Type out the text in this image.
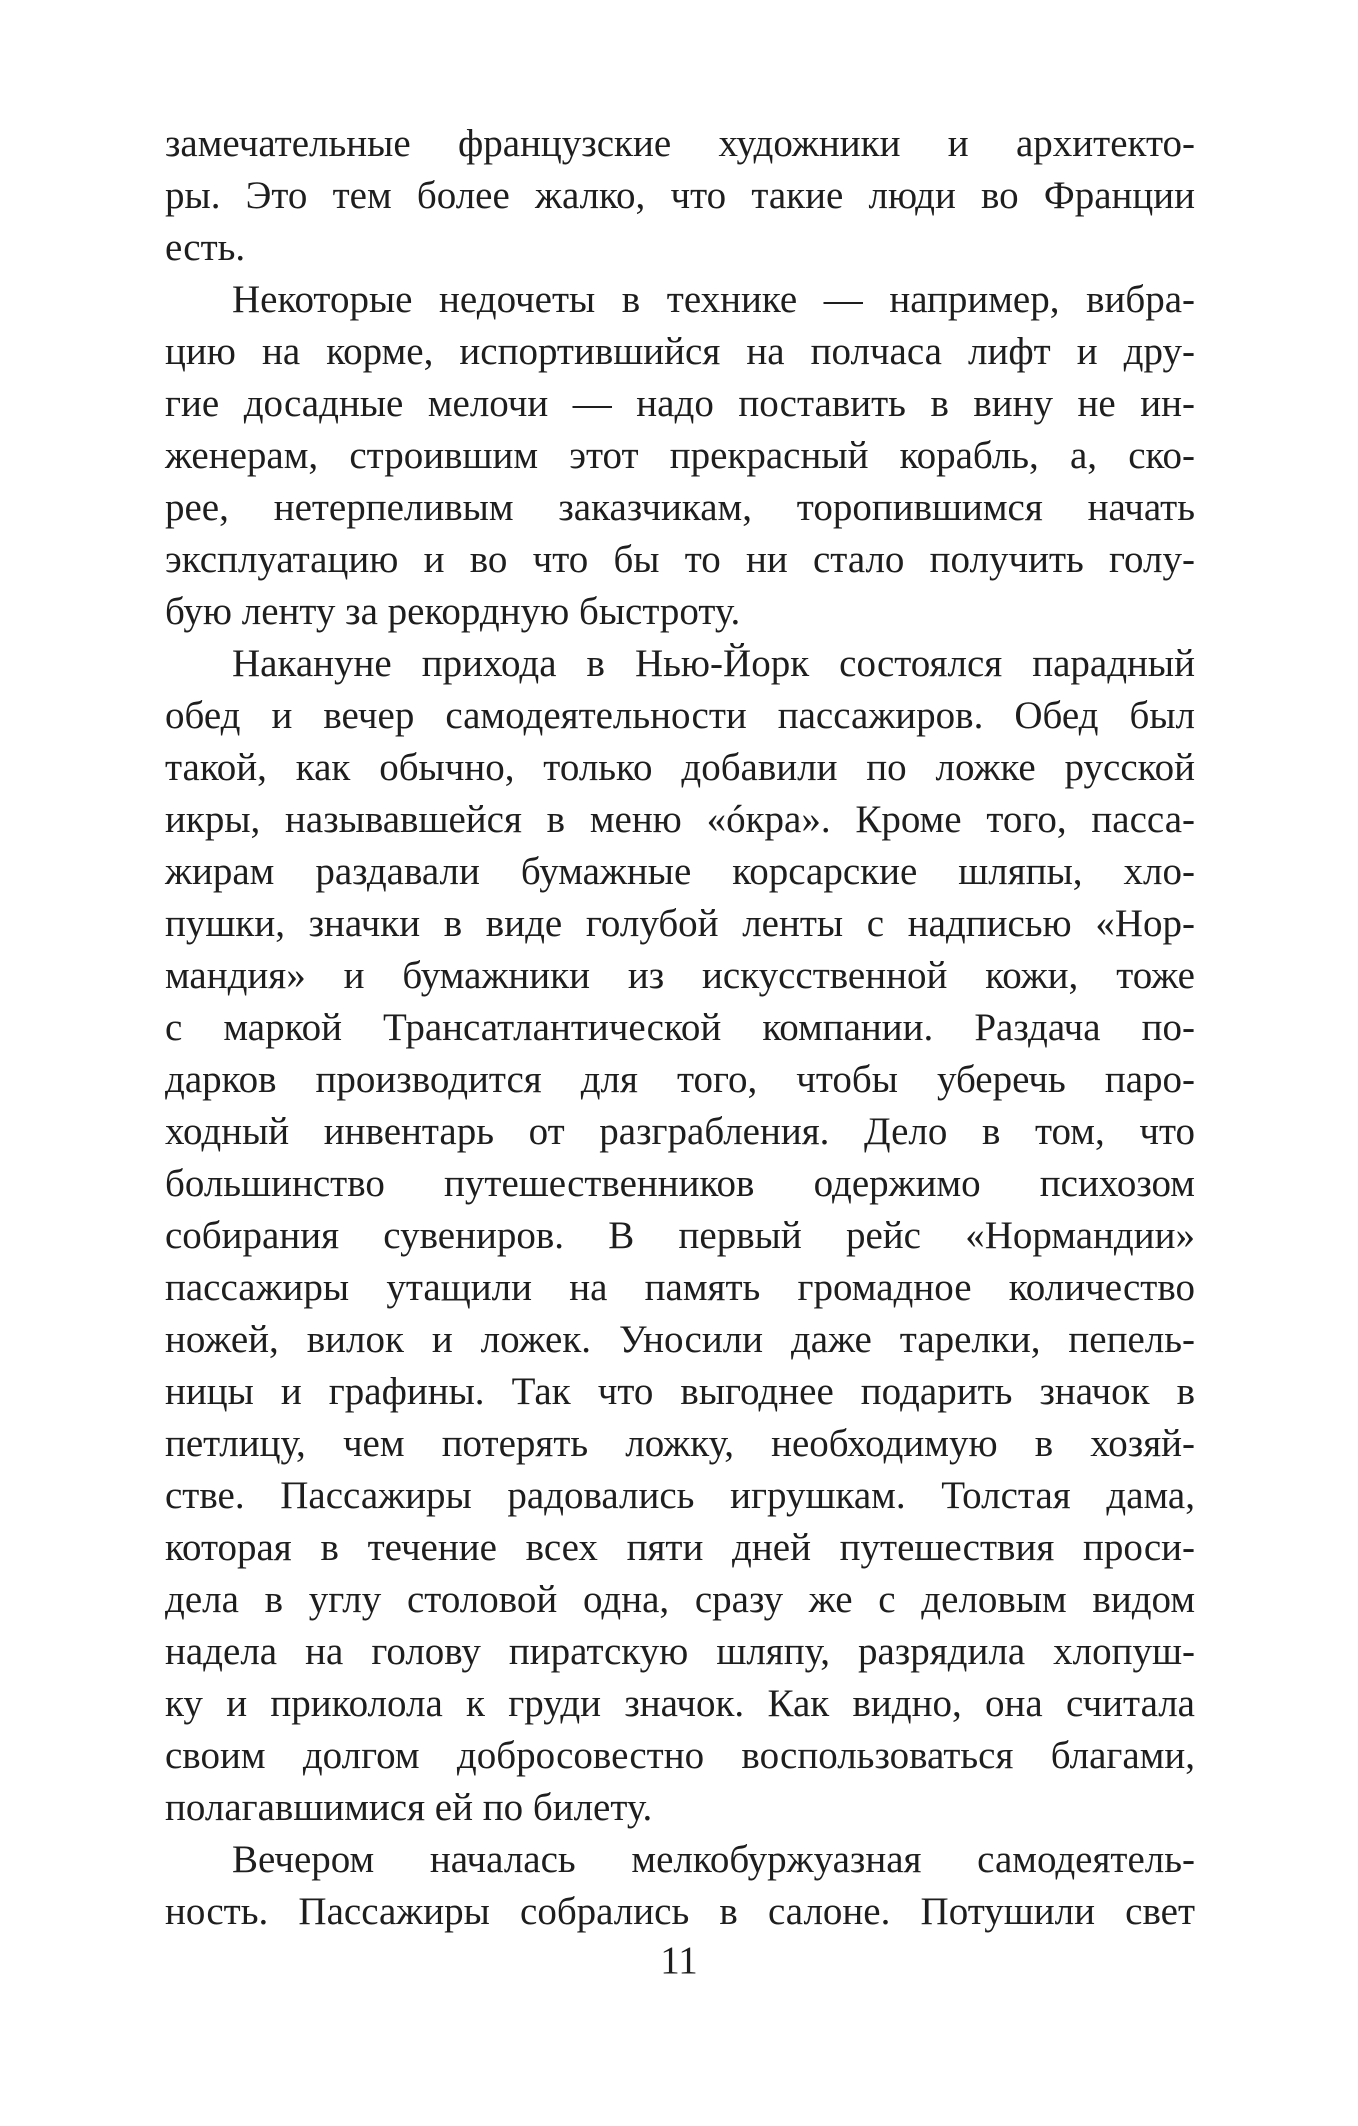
замечательные французские художники и архитекто-
ры. Это тем более жалко, что такие люди во Франции
есть.
Некоторые недочеты в технике — например, вибра-
цию на корме, испортившийся на полчаса лифт и дру-
гие досадные мелочи — надо поставить в вину не ин-
женерам, строившим этот прекрасный корабль, а, ско-
рее, нетерпеливым заказчикам, торопившимся начать
эксплуатацию и во что бы то ни стало получить голу-
бую ленту за рекордную быстроту.
Накануне прихода в Нью-Йорк состоялся парадный
обед и вечер самодеятельности пассажиров. Обед был
такой, как обычно, только добавили по ложке русской
икры, называвшейся в меню «óкра». Кроме того, пасса-
жирам раздавали бумажные корсарские шляпы, хло-
пушки, значки в виде голубой ленты с надписью «Нор-
мандия» и бумажники из искусственной кожи, тоже
с маркой Трансатлантической компании. Раздача по-
дарков производится для того, чтобы уберечь паро-
ходный инвентарь от разграбления. Дело в том, что
большинство путешественников одержимо психозом
собирания сувениров. В первый рейс «Нормандии»
пассажиры утащили на память громадное количество
ножей, вилок и ложек. Уносили даже тарелки, пепель-
ницы и графины. Так что выгоднее подарить значок в
петлицу, чем потерять ложку, необходимую в хозяй-
стве. Пассажиры радовались игрушкам. Толстая дама,
которая в течение всех пяти дней путешествия проси-
дела в углу столовой одна, сразу же с деловым видом
надела на голову пиратскую шляпу, разрядила хлопуш-
ку и приколола к груди значок. Как видно, она считала
своим долгом добросовестно воспользоваться благами,
полагавшимися ей по билету.
Вечером началась мелкобуржуазная самодеятель-
ность. Пассажиры собрались в салоне. Потушили свет
11
